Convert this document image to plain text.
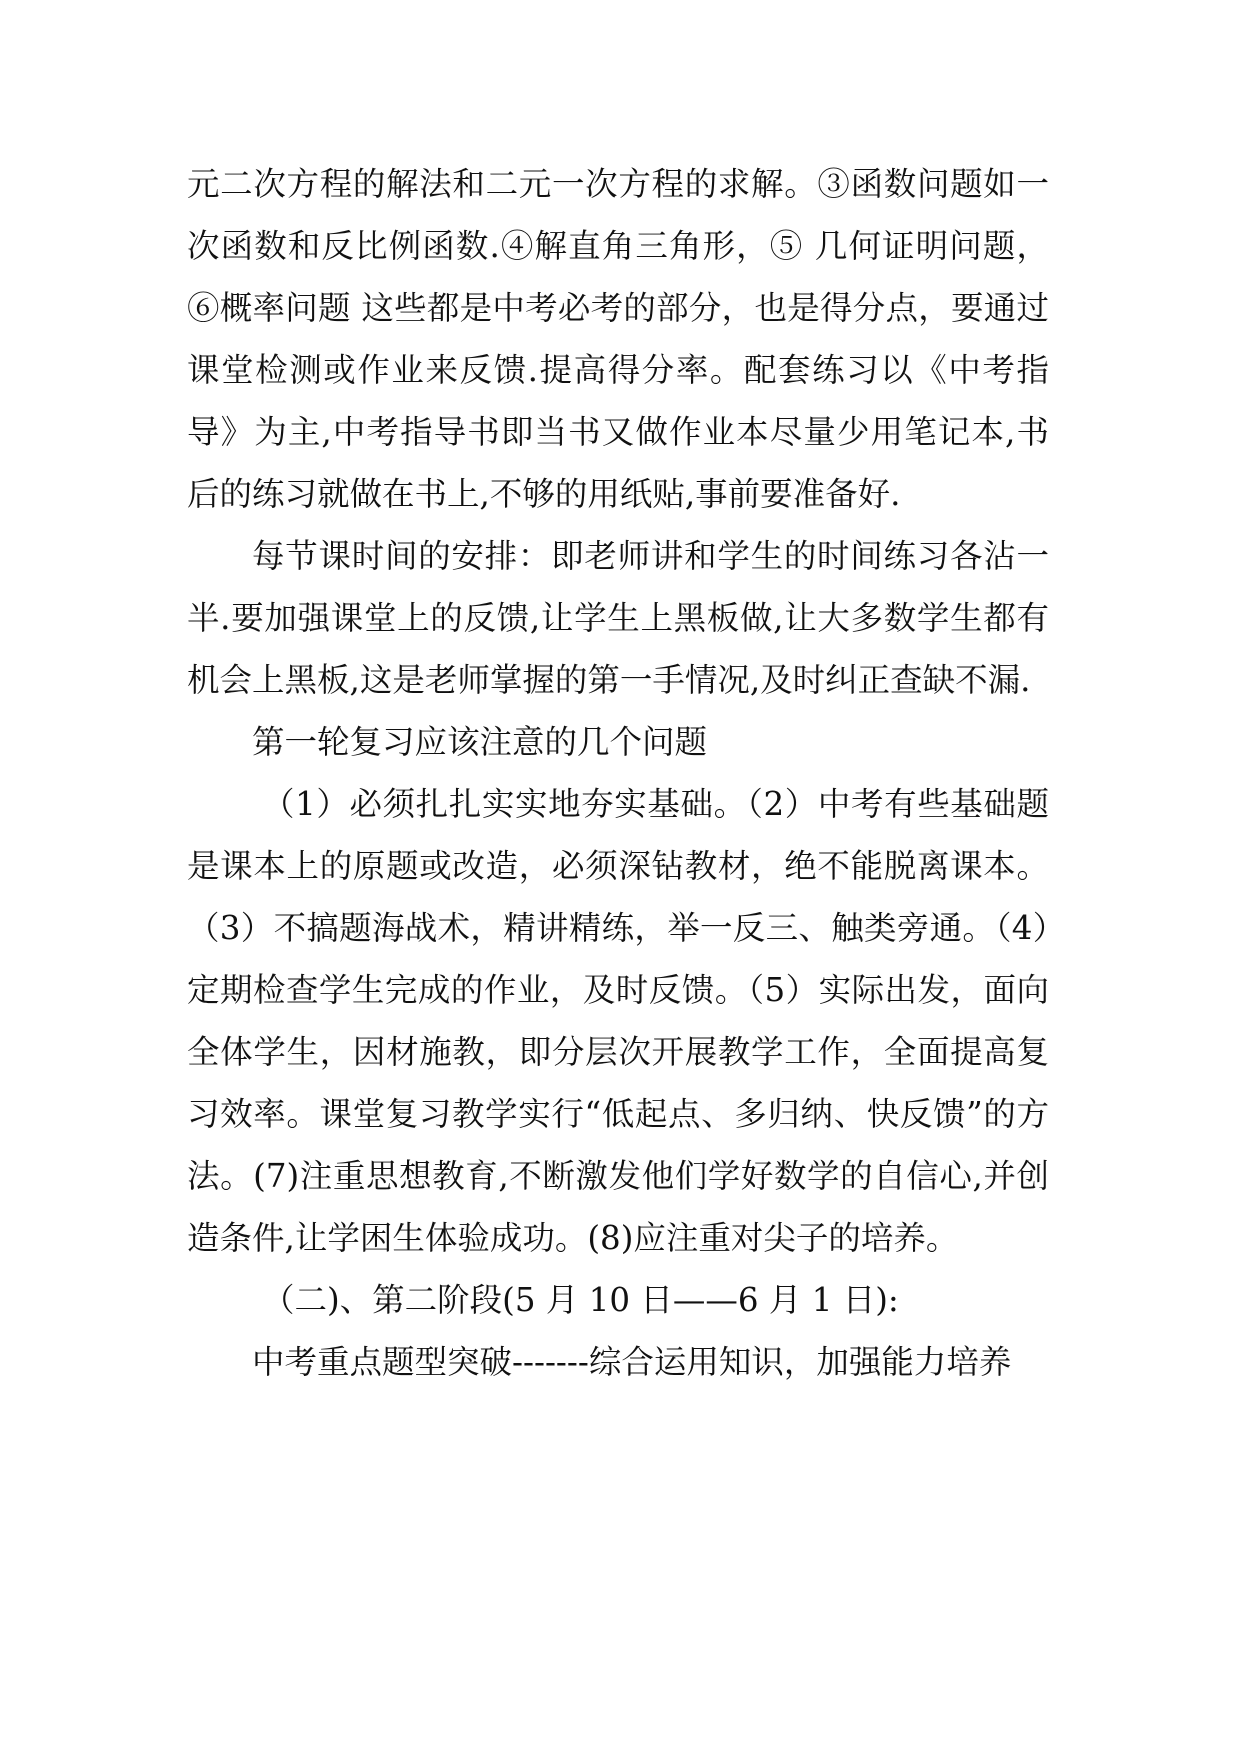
元二次方程的解法和二元一次方程的求解。③函数问题如一次函数和反比例函数.④解直角三角形，⑤ 几何证明问题，⑥概率问题 这些都是中考必考的部分，也是得分点，要通过课堂检测或作业来反馈.提高得分率。配套练习以《中考指导》为主,中考指导书即当书又做作业本尽量少用笔记本,书后的练习就做在书上,不够的用纸贴,事前要准备好.

每节课时间的安排：即老师讲和学生的时间练习各沾一半.要加强课堂上的反馈,让学生上黑板做,让大多数学生都有机会上黑板,这是老师掌握的第一手情况,及时纠正查缺不漏.

第一轮复习应该注意的几个问题

（1）必须扎扎实实地夯实基础。（2）中考有些基础题是课本上的原题或改造，必须深钻教材，绝不能脱离课本。（3）不搞题海战术，精讲精练，举一反三、触类旁通。（4）定期检查学生完成的作业，及时反馈。（5）实际出发，面向全体学生，因材施教，即分层次开展教学工作，全面提高复习效率。课堂复习教学实行“低起点、多归纳、快反馈”的方法。(7)注重思想教育,不断激发他们学好数学的自信心,并创造条件,让学困生体验成功。(8)应注重对尖子的培养。

（二)、第二阶段(5 月 10 日——6 月 1 日):

中考重点题型突破-------综合运用知识，加强能力培养
